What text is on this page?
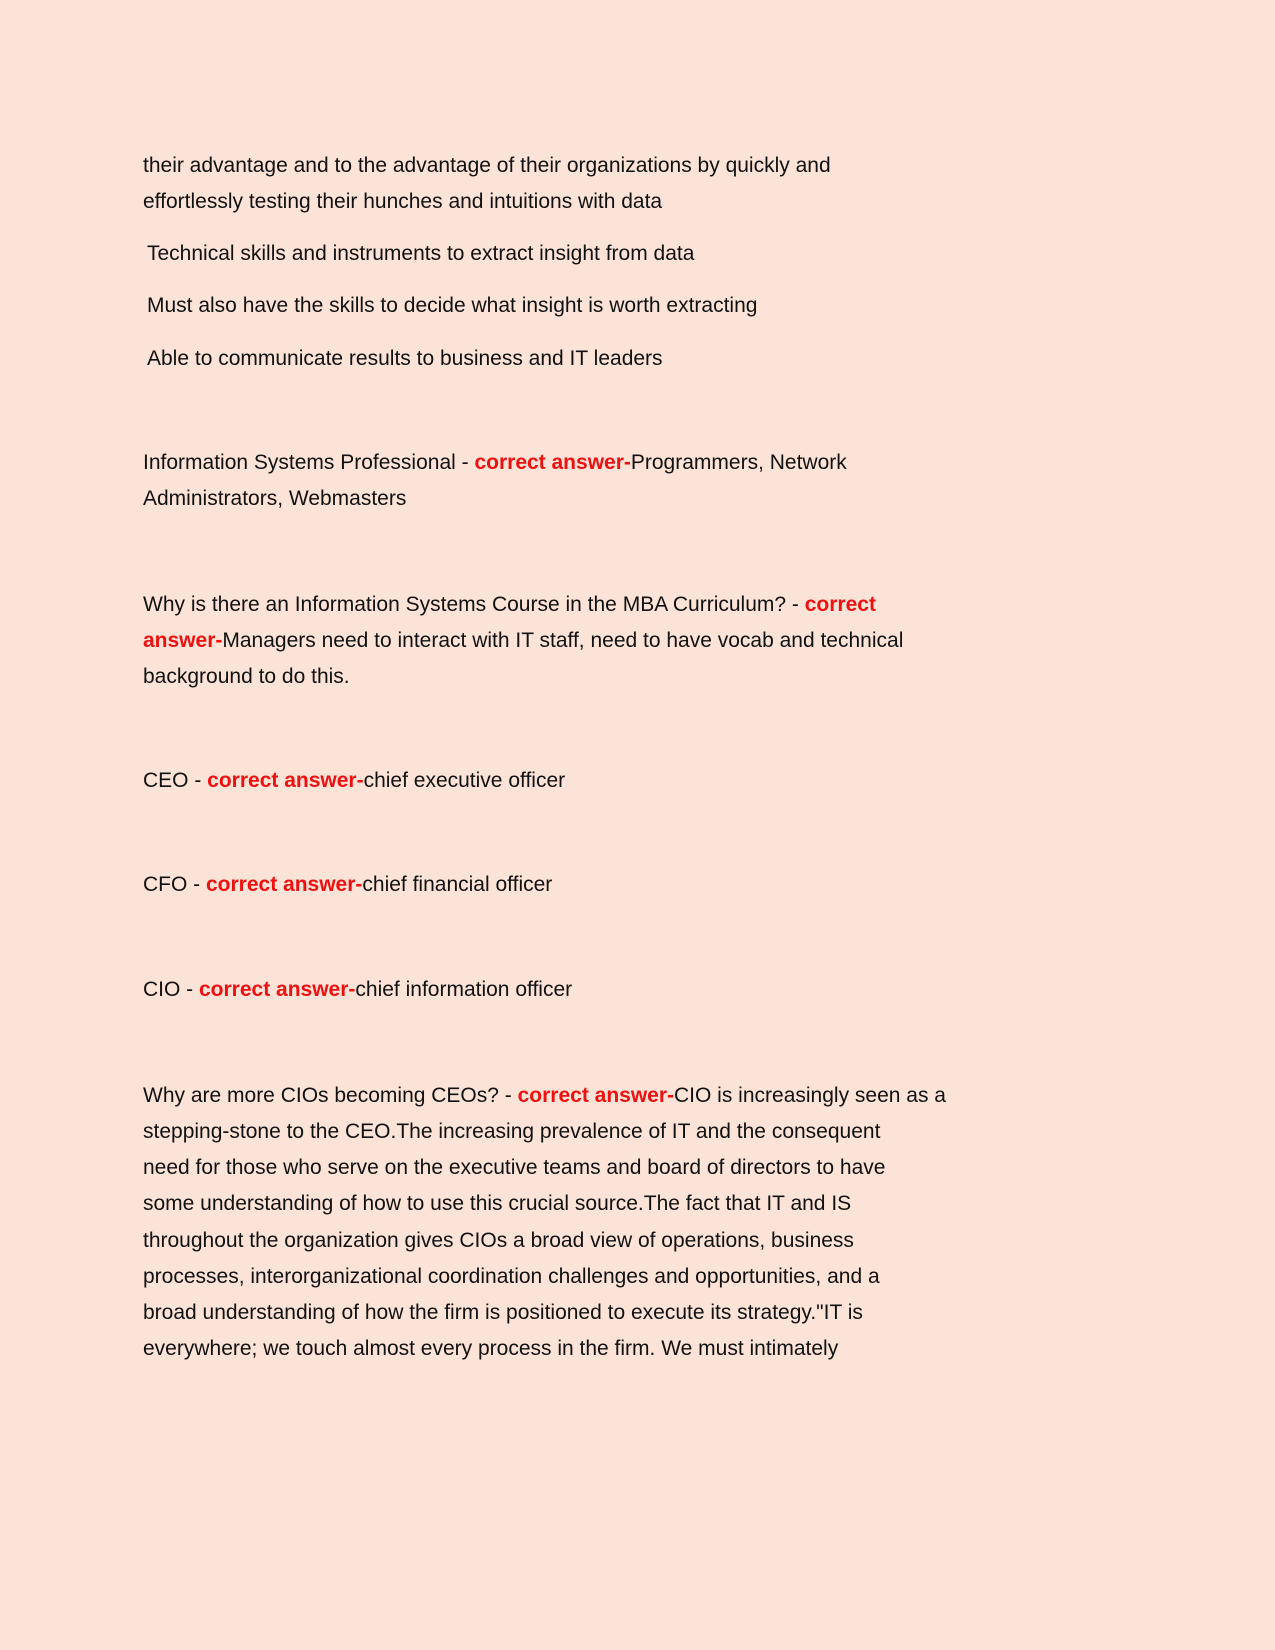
their advantage and to the advantage of their organizations by quickly and
effortlessly testing their hunches and intuitions with data
Technical skills and instruments to extract insight from data
Must also have the skills to decide what insight is worth extracting
Able to communicate results to business and IT leaders
Information Systems Professional - correct answer-Programmers, Network
Administrators, Webmasters
Why is there an Information Systems Course in the MBA Curriculum? - correct
answer-Managers need to interact with IT staff, need to have vocab and technical
background to do this.
CEO - correct answer-chief executive officer
CFO - correct answer-chief financial officer
CIO - correct answer-chief information officer
Why are more CIOs becoming CEOs? - correct answer-CIO is increasingly seen as a
stepping-stone to the CEO.The increasing prevalence of IT and the consequent
need for those who serve on the executive teams and board of directors to have
some understanding of how to use this crucial source.The fact that IT and IS
throughout the organization gives CIOs a broad view of operations, business
processes, interorganizational coordination challenges and opportunities, and a
broad understanding of how the firm is positioned to execute its strategy."IT is
everywhere; we touch almost every process in the firm. We must intimately
